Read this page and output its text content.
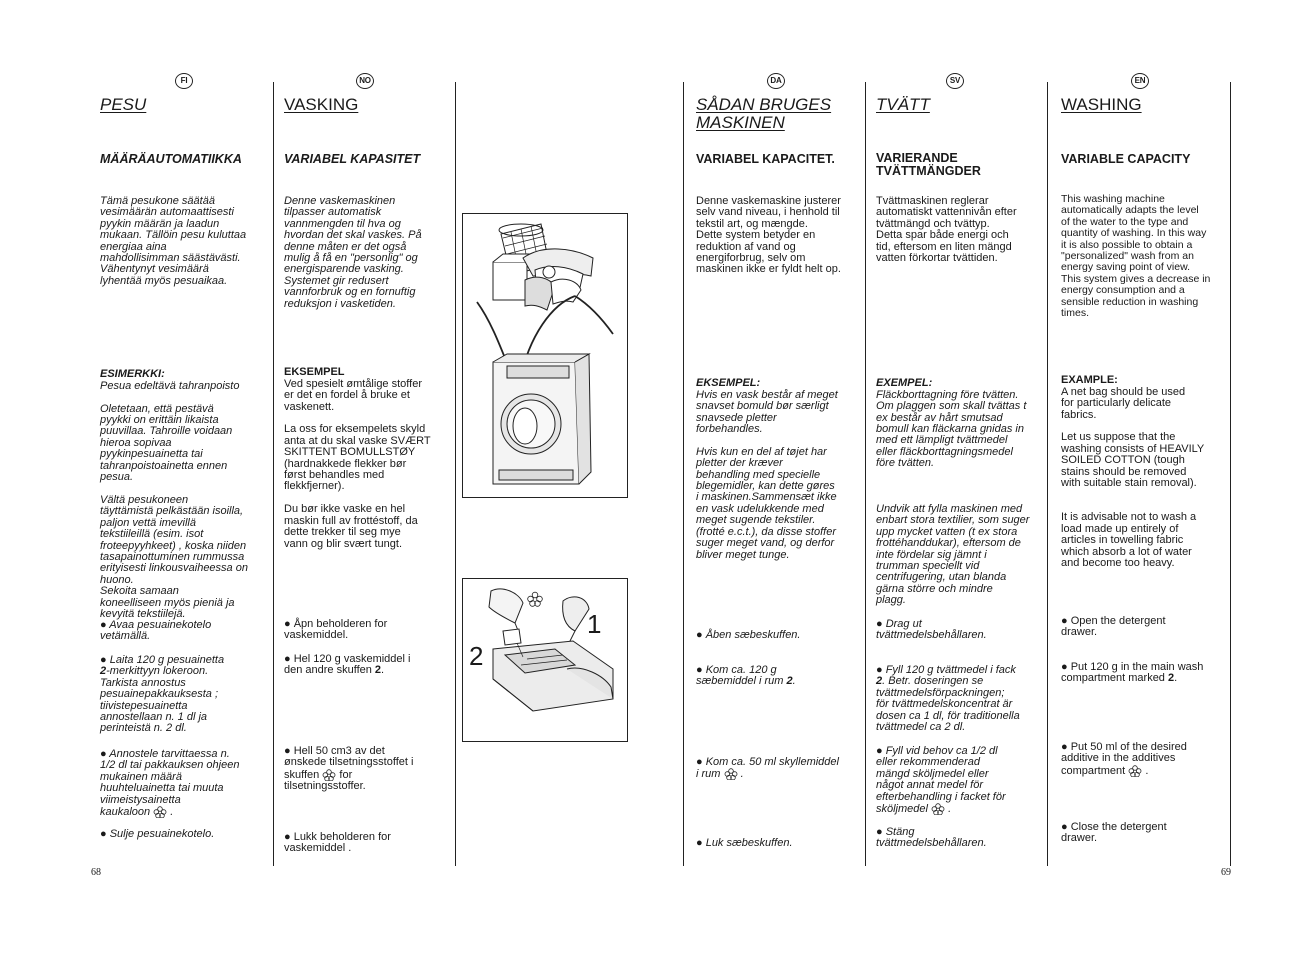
FI
PESU
MÄÄRÄAUTOMATIIKKA
Tämä pesukone säätää
vesimäärän automaattisesti
pyykin määrän ja laadun
mukaan. Tällöin pesu kuluttaa
energiaa aina
mahdollisimman säästävästi.
Vähentynyt vesimäärä
lyhentää myös pesuaikaa.

ESIMERKKI:

Pesua edeltävä tahranpoisto

Oletetaan, että pestävä
pyykki on erittäin likaista
puuvillaa. Tahroille voidaan
hieroa sopivaa
pyykinpesuainetta tai
tahranpoistoainetta ennen
pesua.

Vältä pesukoneen
täyttämistä pelkästään isoilla,
paljon vettä imevillä
tekstiileillä (esim. isot
froteepyyhkeet) , koska niiden
tasapainottuminen rummussa
erityisesti linkousvaiheessa on
huono.
Sekoita samaan
koneelliseen myös pieniä ja
kevyitä tekstiilejä.

● Avaa pesuainekotelo
vetämällä.
● Laita 120 g pesuainetta
2-merkittyyn lokeroon.
Tarkista annostus
pesuainepakkauksesta ;
tiivistepesuainetta
annostellaan n. 1 dl ja
perinteistä n. 2 dl.
● Annostele tarvittaessa n.
1/2 dl tai pakkauksen ohjeen
mukainen määrä
huuhteluainetta tai muuta
viimeistysainetta
kaukaloon .
● Sulje pesuainekotelo.
68
NO
VASKING
VARIABEL KAPASITET
Denne vaskemaskinen
tilpasser automatisk
vannmengden til hva og
hvordan det skal vaskes. På
denne måten er det også
mulig å få en "personlig" og
energisparende vasking.
Systemet gir redusert
vannforbruk og en fornuftig
reduksjon i vasketiden.

EKSEMPEL

Ved spesielt ømtålige stoffer
er det en fordel å bruke et
vaskenett.

La oss for eksempelets skyld
anta at du skal vaske SVÆRT
SKITTENT BOMULLSTØY
(hardnakkede flekker bør
først behandles med
flekkfjerner).

Du bør ikke vaske en hel
maskin full av frottéstoff, da
dette trekker til seg mye
vann og blir svært tungt.

● Åpn beholderen for
vaskemiddel.
● Hel 120 g vaskemiddel i
den andre skuffen 2.
● Hell 50 cm3 av det
ønskede tilsetningsstoffet i
skuffen for
tilsetningsstoffer.
● Lukk beholderen for
vaskemiddel .
1
2
DA
SÅDAN BRUGES
MASKINEN
VARIABEL KAPACITET.
Denne vaskemaskine justerer
selv vand niveau, i henhold til
tekstil art, og mængde.
Dette system betyder en
reduktion af vand og
energiforbrug, selv om
maskinen ikke er fyldt helt op.

EKSEMPEL:

Hvis en vask består af meget
snavset bomuld bør særligt
snavsede pletter
forbehandles.

Hvis kun en del af tøjet har
pletter der kræver
behandling med specielle
blegemidler, kan dette gøres
i maskinen.Sammensæt ikke
en vask udelukkende med
meget sugende tekstiler.
(frotté e.c.t.), da disse stoffer
suger meget vand, og derfor
bliver meget tunge.

● Åben sæbeskuffen.
● Kom ca. 120 g
sæbemiddel i rum 2.
● Kom ca. 50 ml skyllemiddel
i rum .
● Luk sæbeskuffen.
SV
TVÄTT
VARIERANDE
TVÄTTMÄNGDER
Tvättmaskinen reglerar
automatiskt vattennivån efter
tvättmängd och tvättyp.
Detta spar både energi och
tid, eftersom en liten mängd
vatten förkortar tvättiden.

EXEMPEL:

Fläckborttagning före tvätten.
Om plaggen som skall tvättas t
ex består av hårt smutsad
bomull kan fläckarna gnidas in
med ett lämpligt tvättmedel
eller fläckborttagningsmedel
före tvätten.

Undvik att fylla maskinen med
enbart stora textilier, som suger
upp mycket vatten (t ex stora
frottéhanddukar), eftersom de
inte fördelar sig jämnt i
trumman speciellt vid
centrifugering, utan blanda
gärna större och mindre
plagg.
● Drag ut
tvättmedelsbehållaren.
● Fyll 120 g tvättmedel i fack
2. Betr. doseringen se
tvättmedelsförpackningen;
för tvättmedelskoncentrat är
dosen ca 1 dl, för traditionella
tvättmedel ca 2 dl.
● Fyll vid behov ca 1/2 dl
eller rekommenderad
mängd sköljmedel eller
något annat medel för
efterbehandling i facket för
sköljmedel .
● Stäng
tvättmedelsbehållaren.
EN
WASHING
VARIABLE CAPACITY
This washing machine
automatically adapts the level
of the water to the type and
quantity of washing. In this way
it is also possible to obtain a
"personalized" wash from an
energy saving point of view.
This system gives a decrease in
energy consumption and a
sensible reduction in washing
times.

EXAMPLE:

A net bag should be used
for particularly delicate
fabrics.

Let us suppose that the
washing consists of HEAVILY
SOILED COTTON (tough
stains should be removed
with suitable stain removal).

It is advisable not to wash a
load made up entirely of
articles in towelling fabric
which absorb a lot of water
and become too heavy.

● Open the detergent
drawer.
● Put 120 g in the main wash
compartment marked 2.
● Put 50 ml of the desired
additive in the additives
compartment .
● Close the detergent
drawer.
69
